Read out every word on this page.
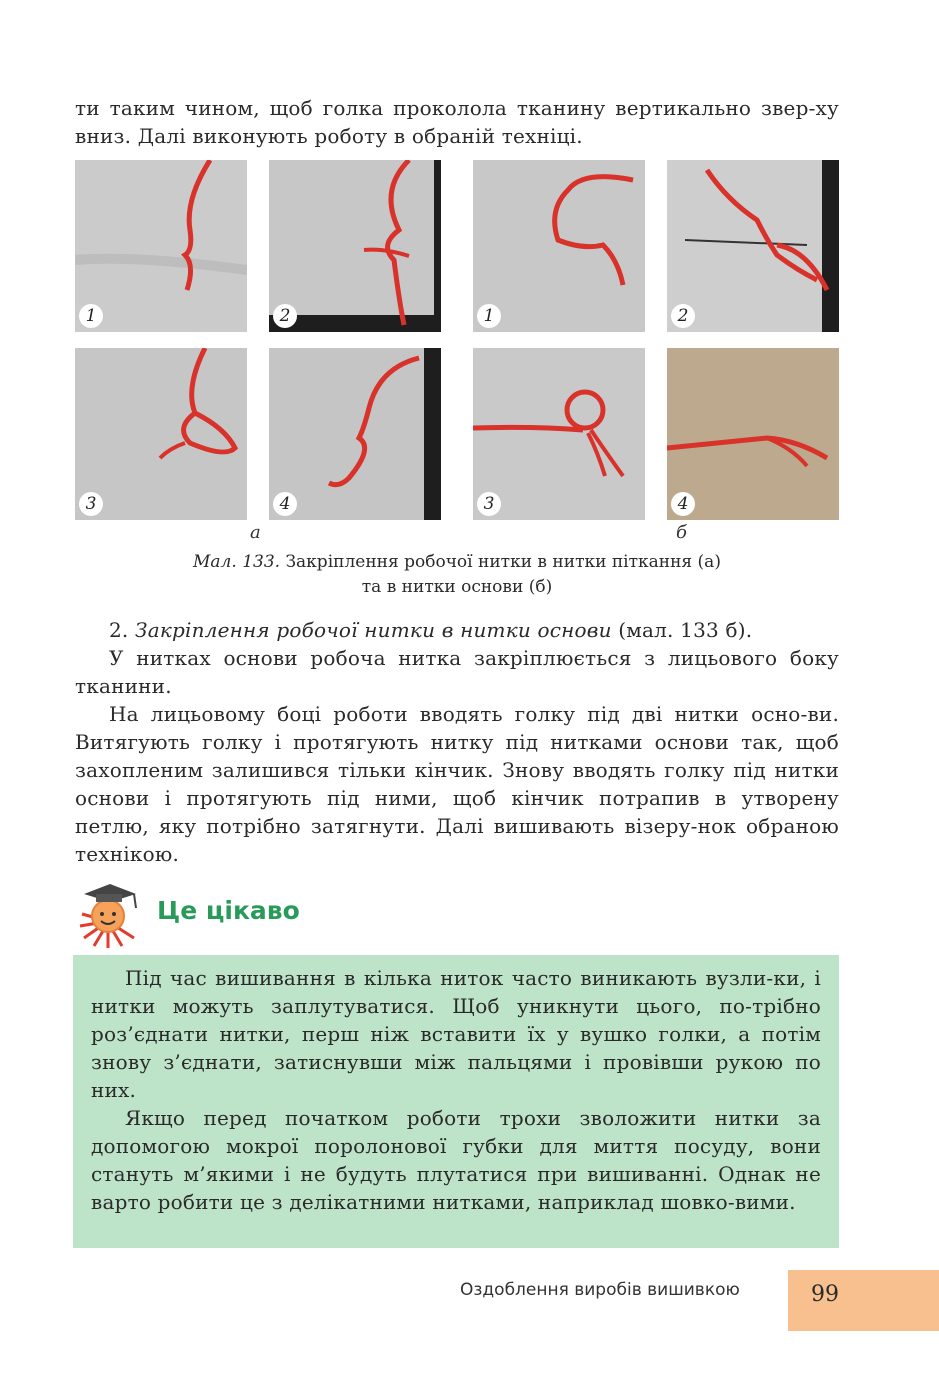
ти таким чином, щоб голка проколола тканину вертикально звер-ху вниз. Далі виконують роботу в обраній техніці.

1	2
3	4
1	2
3	4
а	б
Мал. 133. Закріплення робочої нитки в нитки піткання (а)
та в нитки основи (б)

2. Закріплення робочої нитки в нитки основи (мал. 133 б).

У нитках основи робоча нитка закріплюється з лицьового боку тканини.

На лицьовому боці роботи вводять голку під дві нитки осно-ви. Витягують голку і протягують нитку під нитками основи так, щоб захопленим залишився тільки кінчик. Знову вводять голку під нитки основи і протягують під ними, щоб кінчик потрапив в утворену петлю, яку потрібно затягнути. Далі вишивають візеру-нок обраною технікою.

Це цікаво

Під час вишивання в кілька ниток часто виникають вузли-ки, і нитки можуть заплутуватися. Щоб уникнути цього, по-трібно роз’єднати нитки, перш ніж вставити їх у вушко голки, а потім знову з’єднати, затиснувши між пальцями і провівши рукою по них.

Якщо перед початком роботи трохи зволожити нитки за допомогою мокрої поролонової губки для миття посуду, вони стануть м’якими і не будуть плутатися при вишиванні. Однак не варто робити це з делікатними нитками, наприклад шовко-вими.

Оздоблення виробів вишивкою	99
